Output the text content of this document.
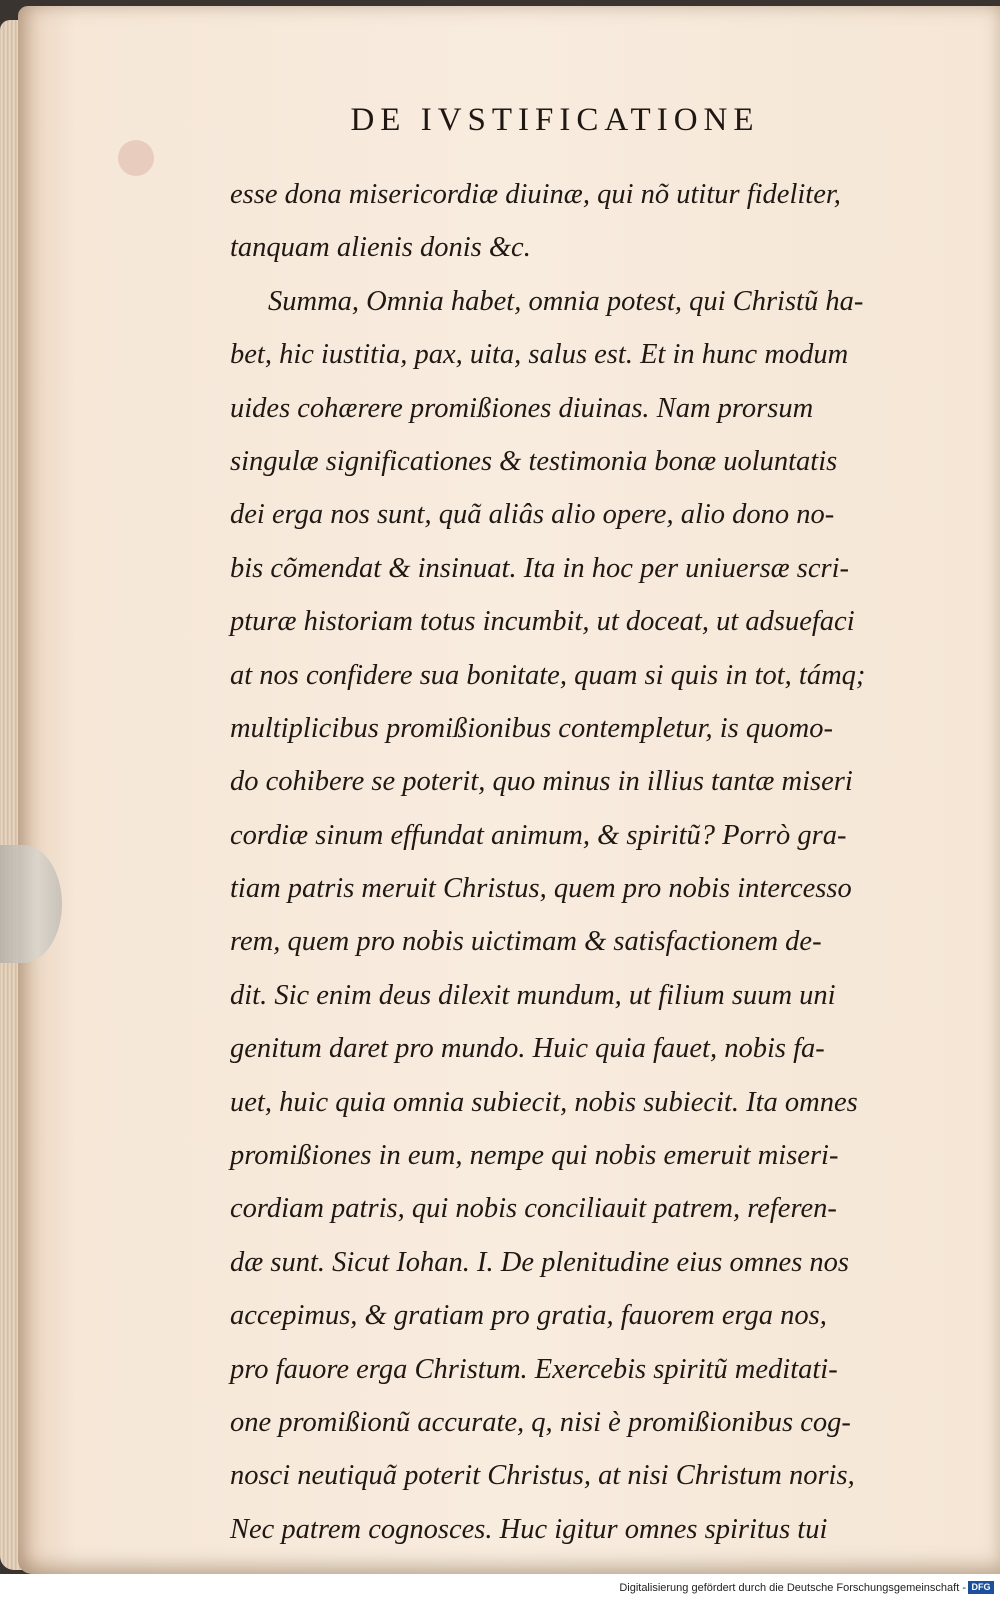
DE IVSTIFICATIONE
esse dona misericordiæ diuinæ, qui nõ utitur fideliter,
tanquam alienis donis &c.
Summa, Omnia habet, omnia potest, qui Christũ ha-
bet, hic iustitia, pax, uita, salus est. Et in hunc modum
uides cohærere promißiones diuinas. Nam prorsum
singulæ significationes & testimonia bonæ uoluntatis
dei erga nos sunt, quã aliâs alio opere, alio dono no-
bis cõmendat & insinuat. Ita in hoc per uniuersæ scri-
pturæ historiam totus incumbit, ut doceat, ut adsuefaci
at nos confidere sua bonitate, quam si quis in tot, támq;
multiplicibus promißionibus contempletur, is quomo-
do cohibere se poterit, quo minus in illius tantæ miseri
cordiæ sinum effundat animum, & spiritũ? Porrò gra-
tiam patris meruit Christus, quem pro nobis intercesso
rem, quem pro nobis uictimam & satisfactionem de-
dit. Sic enim deus dilexit mundum, ut filium suum uni
genitum daret pro mundo. Huic quia fauet, nobis fa-
uet, huic quia omnia subiecit, nobis subiecit. Ita omnes
promißiones in eum, nempe qui nobis emeruit miseri-
cordiam patris, qui nobis conciliauit patrem, referen-
dæ sunt. Sicut Iohan. I. De plenitudine eius omnes nos
accepimus, & gratiam pro gratia, fauorem erga nos,
pro fauore erga Christum. Exercebis spiritũ meditati-
one promißionũ accurate, q, nisi è promißionibus cog-
nosci neutiquã poterit Christus, at nisi Christum noris,
Nec patrem cognosces. Huc igitur omnes spiritus tui
Digitalisierung gefördert durch die Deutsche Forschungsgemeinschaft - DFG
